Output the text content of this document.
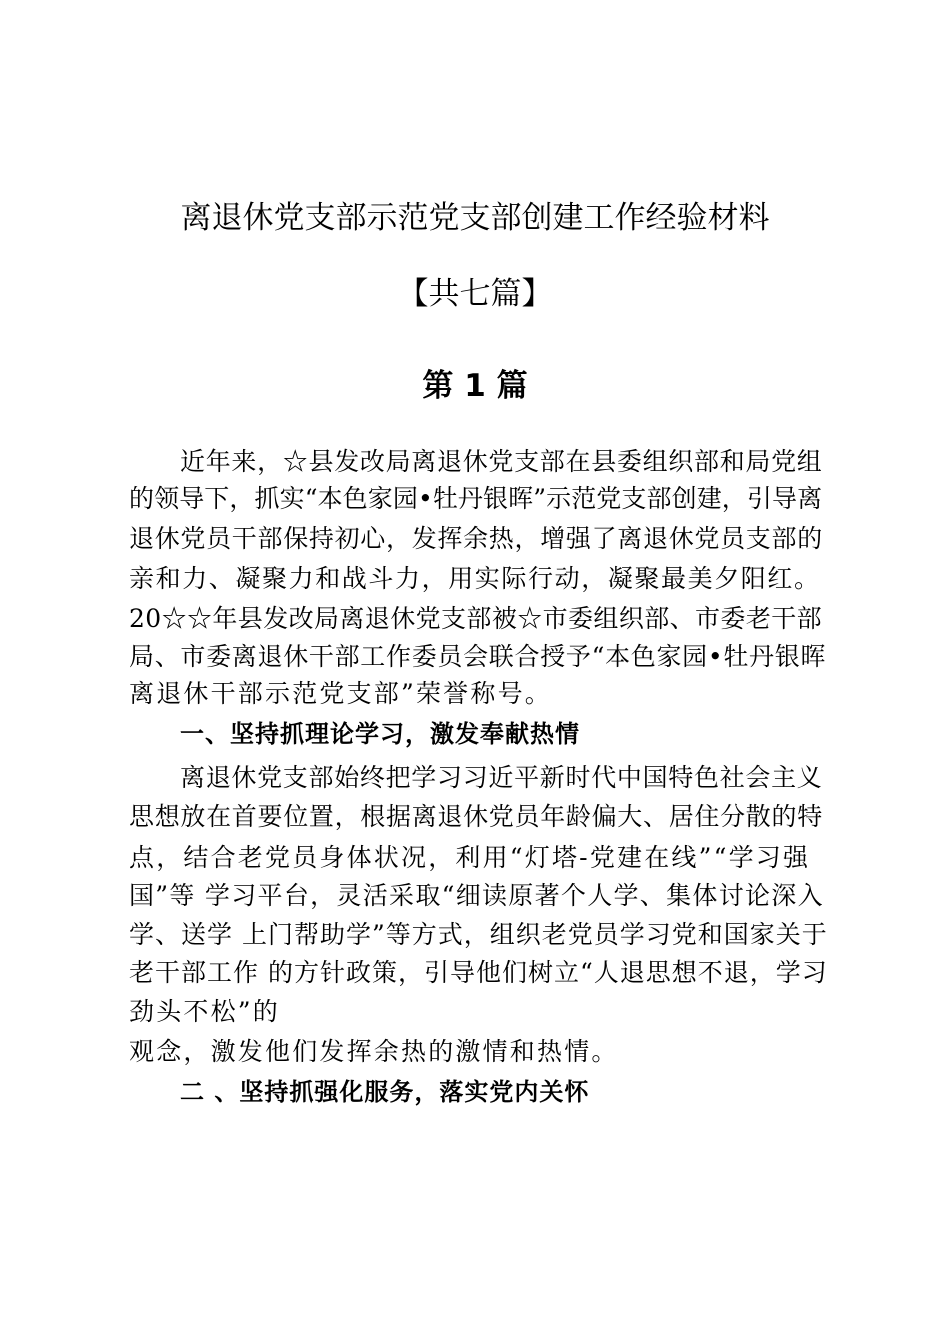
离退休党支部示范党支部创建工作经验材料
【共七篇】
第 1 篇
近年来，☆县发改局离退休党支部在县委组织部和局党组
的领导下，抓实“本色家园•牡丹银晖”示范党支部创建，引导离
退休党员干部保持初心，发挥余热，增强了离退休党员支部的
亲和力、凝聚力和战斗力，用实际行动，凝聚最美夕阳红。
20☆☆年县发改局离退休党支部被☆市委组织部、市委老干部
局、市委离退休干部工作委员会联合授予“本色家园•牡丹银晖
离退休干部示范党支部”荣誉称号。
一、坚持抓理论学习，激发奉献热情
离退休党支部始终把学习习近平新时代中国特色社会主义
思想放在首要位置，根据离退休党员年龄偏大、居住分散的特
点，结合老党员身体状况，利用“灯塔-党建在线”“学习强
国”等 学习平台，灵活采取“细读原著个人学、集体讨论深入
学、送学 上门帮助学”等方式，组织老党员学习党和国家关于
老干部工作 的方针政策，引导他们树立“人退思想不退，学习
劲头不松”的
观念，激发他们发挥余热的激情和热情。
二 、坚持抓强化服务，落实党内关怀
